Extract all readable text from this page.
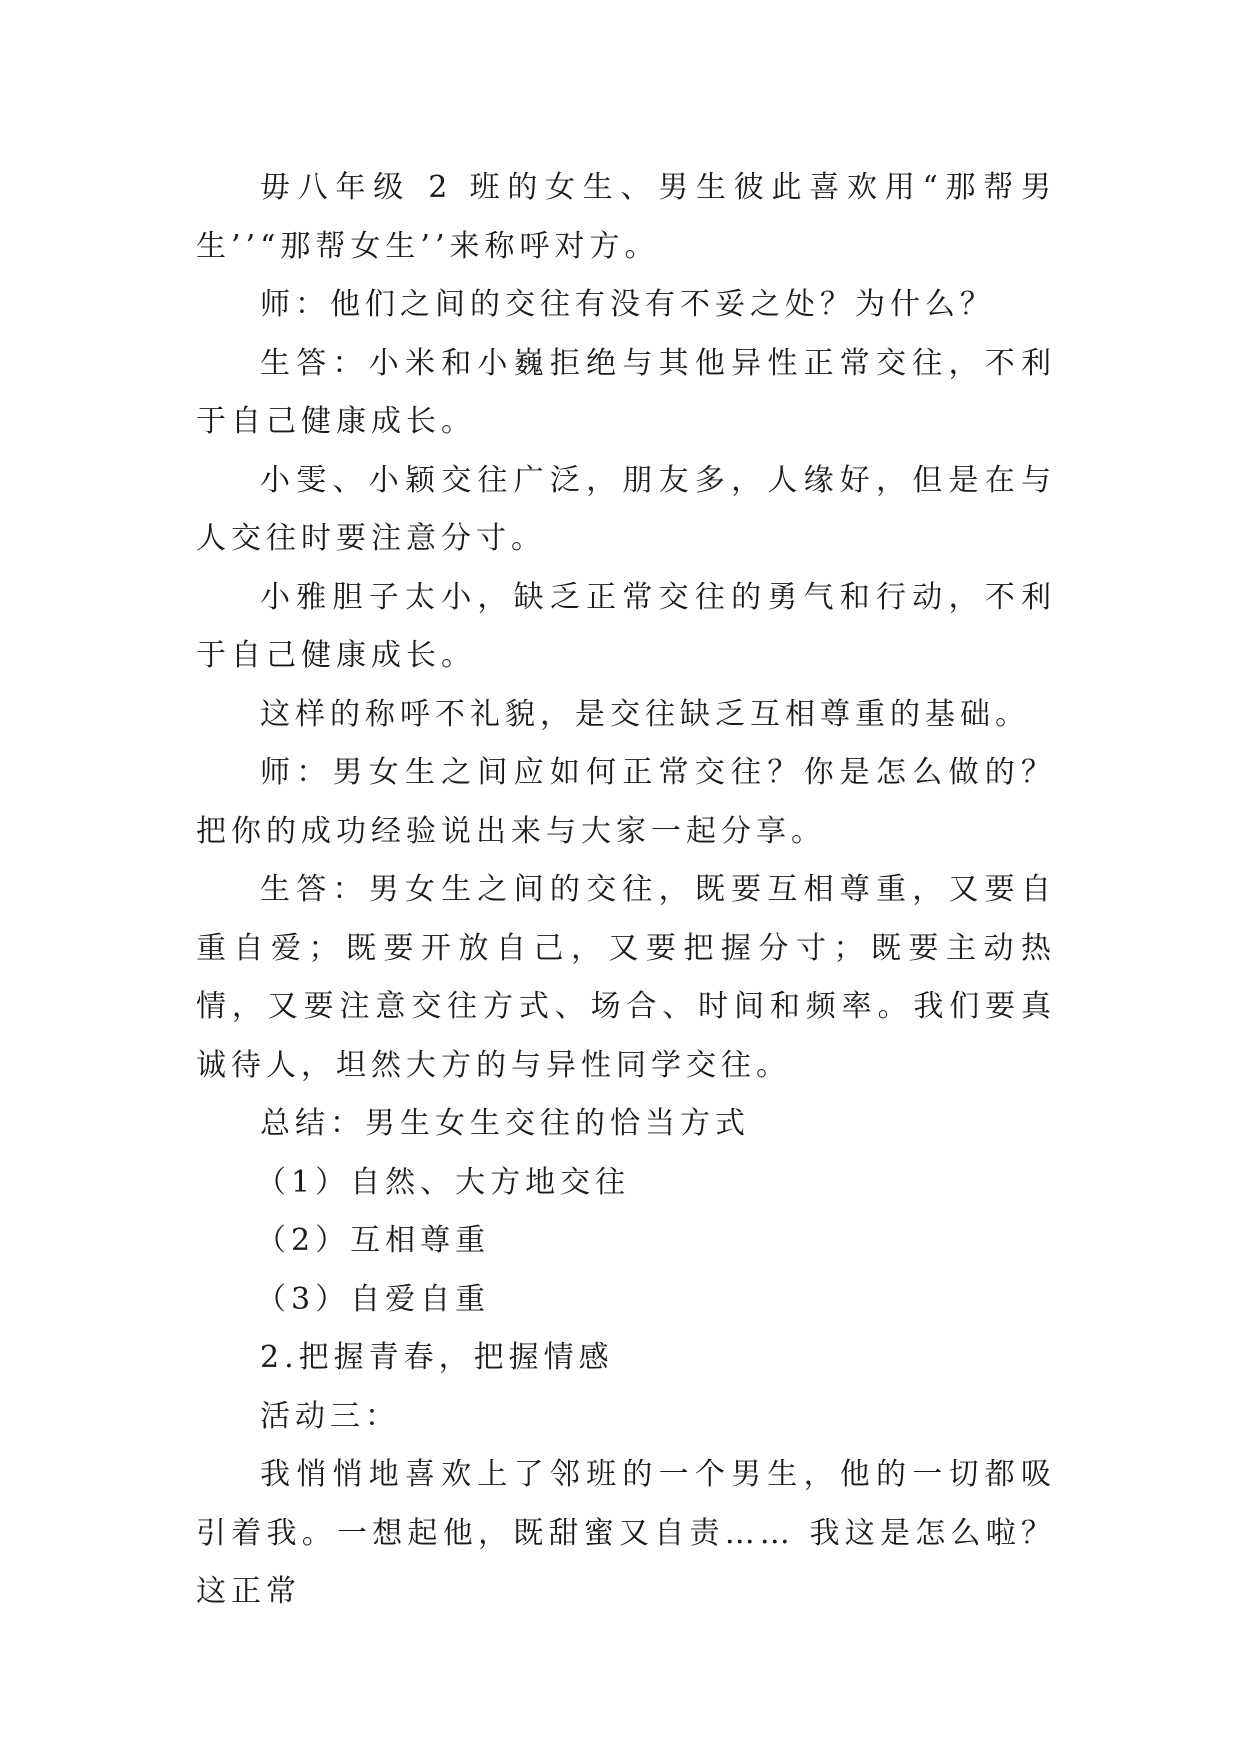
毋八年级 2 班的女生、男生彼此喜欢用“那帮男生’’“那帮女生’’来称呼对方。

师：他们之间的交往有没有不妥之处？为什么？

生答：小米和小巍拒绝与其他异性正常交往，不利于自己健康成长。

小雯、小颖交往广泛，朋友多，人缘好，但是在与人交往时要注意分寸。

小雅胆子太小，缺乏正常交往的勇气和行动，不利于自己健康成长。

这样的称呼不礼貌，是交往缺乏互相尊重的基础。

师：男女生之间应如何正常交往？你是怎么做的？把你的成功经验说出来与大家一起分享。

生答：男女生之间的交往，既要互相尊重，又要自重自爱；既要开放自己，又要把握分寸；既要主动热情，又要注意交往方式、场合、时间和频率。我们要真诚待人，坦然大方的与异性同学交往。

总结：男生女生交往的恰当方式

（1）自然、大方地交往

（2）互相尊重

（3）自爱自重

2.把握青春，把握情感

活动三：

我悄悄地喜欢上了邻班的一个男生，他的一切都吸引着我。一想起他，既甜蜜又自责…… 我这是怎么啦？这正常
